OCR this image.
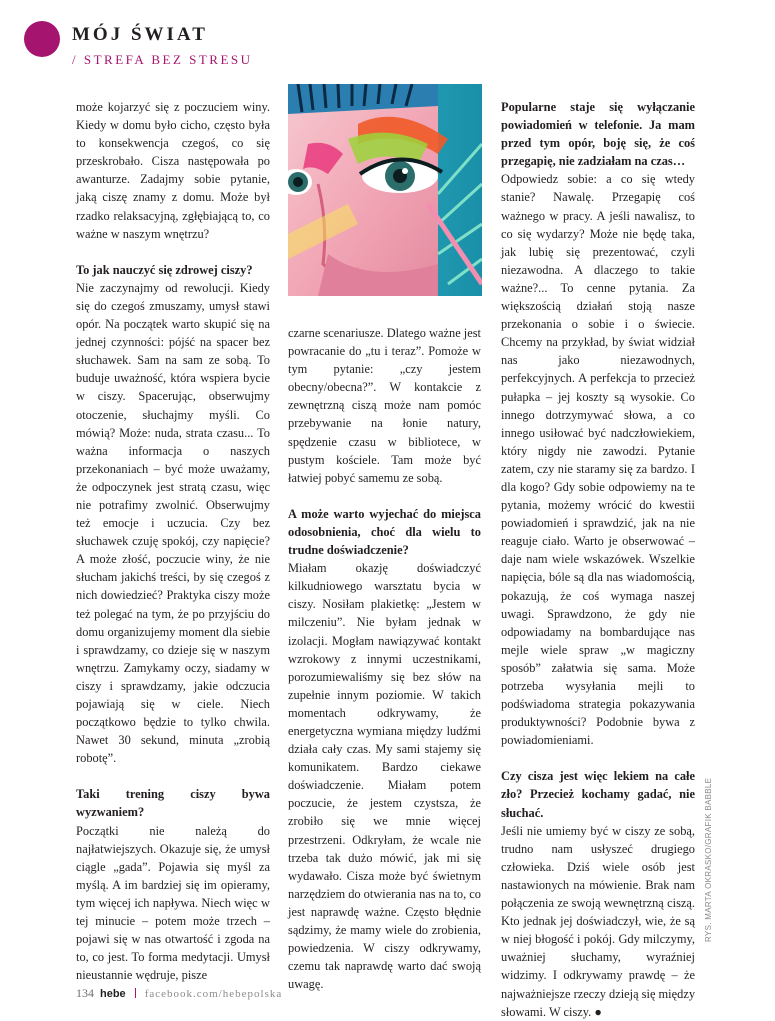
MÓJ ŚWIAT
/ STREFA BEZ STRESU

może kojarzyć się z poczuciem winy. Kiedy w domu było cicho, często była to konsekwencja czegoś, co się przeskrobało. Cisza następowała po awanturze. Zadajmy sobie pytanie, jaką ciszę znamy z domu. Może był rzadko relaksacyjną, zgłębiającą to, co ważne w naszym wnętrzu?

To jak nauczyć się zdrowej ciszy?

Nie zaczynajmy od rewolucji. Kiedy się do czegoś zmuszamy, umysł stawi opór. Na początek warto skupić się na jednej czynności: pójść na spacer bez słuchawek. Sam na sam ze sobą. To buduje uważność, która wspiera bycie w ciszy. Spacerując, obserwujmy otoczenie, słuchajmy myśli. Co mówią? Może: nuda, strata czasu... To ważna informacja o naszych przekonaniach – być może uważamy, że odpoczynek jest stratą czasu, więc nie potrafimy zwolnić. Obserwujmy też emocje i uczucia. Czy bez słuchawek czuję spokój, czy napięcie? A może złość, poczucie winy, że nie słucham jakichś treści, by się czegoś z nich dowiedzieć? Praktyka ciszy może też polegać na tym, że po przyjściu do domu organizujemy moment dla siebie i sprawdzamy, co dzieje się w naszym wnętrzu. Zamykamy oczy, siadamy w ciszy i sprawdzamy, jakie odczucia pojawiają się w ciele. Niech początkowo będzie to tylko chwila. Nawet 30 sekund, minuta „zrobią robotę”.

Taki trening ciszy bywa wyzwaniem?

Początki nie należą do najłatwiejszych. Okazuje się, że umysł ciągle „gada”. Pojawia się myśl za myślą. A im bardziej się im opieramy, tym więcej ich napływa. Niech więc w tej minucie – potem może trzech – pojawi się w nas otwartość i zgoda na to, co jest. To forma medytacji. Umysł nieustannie wędruje, pisze

czarne scenariusze. Dlatego ważne jest powracanie do „tu i teraz”. Pomoże w tym pytanie: „czy jestem obecny/obecna?”. W kontakcie z zewnętrzną ciszą może nam pomóc przebywanie na łonie natury, spędzenie czasu w bibliotece, w pustym kościele. Tam może być łatwiej pobyć samemu ze sobą.

A może warto wyjechać do miejsca odosobnienia, choć dla wielu to trudne doświadczenie?

Miałam okazję doświadczyć kilkudniowego warsztatu bycia w ciszy. Nosiłam plakietkę: „Jestem w milczeniu”. Nie byłam jednak w izolacji. Mogłam nawiązywać kontakt wzrokowy z innymi uczestnikami, porozumiewaliśmy się bez słów na zupełnie innym poziomie. W takich momentach odkrywamy, że energetyczna wymiana między ludźmi działa cały czas. My sami stajemy się komunikatem. Bardzo ciekawe doświadczenie. Miałam potem poczucie, że jestem czystsza, że zrobiło się we mnie więcej przestrzeni. Odkryłam, że wcale nie trzeba tak dużo mówić, jak mi się wydawało. Cisza może być świetnym narzędziem do otwierania nas na to, co jest naprawdę ważne. Często błędnie sądzimy, że mamy wiele do zrobienia, powiedzenia. W ciszy odkrywamy, czemu tak naprawdę warto dać swoją uwagę.

Popularne staje się wyłączanie powiadomień w telefonie. Ja mam przed tym opór, boję się, że coś przegapię, nie zadziałam na czas…

Odpowiedz sobie: a co się wtedy stanie? Nawalę. Przegapię coś ważnego w pracy. A jeśli nawalisz, to co się wydarzy? Może nie będę taka, jak lubię się prezentować, czyli niezawodna. A dlaczego to takie ważne?... To cenne pytania. Za większością działań stoją nasze przekonania o sobie i o świecie. Chcemy na przykład, by świat widział nas jako niezawodnych, perfekcyjnych. A perfekcja to przecież pułapka – jej koszty są wysokie. Co innego dotrzymywać słowa, a co innego usiłować być nadczłowiekiem, który nigdy nie zawodzi. Pytanie zatem, czy nie staramy się za bardzo. I dla kogo? Gdy sobie odpowiemy na te pytania, możemy wrócić do kwestii powiadomień i sprawdzić, jak na nie reaguje ciało. Warto je obserwować – daje nam wiele wskazówek. Wszelkie napięcia, bóle są dla nas wiadomością, pokazują, że coś wymaga naszej uwagi. Sprawdzono, że gdy nie odpowiadamy na bombardujące nas mejle wiele spraw „w magiczny sposób” załatwia się sama. Może potrzeba wysyłania mejli to podświadoma strategia pokazywania produktywności? Podobnie bywa z powiadomieniami.

Czy cisza jest więc lekiem na całe zło? Przecież kochamy gadać, nie słuchać.

Jeśli nie umiemy być w ciszy ze sobą, trudno nam usłyszeć drugiego człowieka. Dziś wiele osób jest nastawionych na mówienie. Brak nam połączenia ze swoją wewnętrzną ciszą. Kto jednak jej doświadczył, wie, że są w niej błogość i pokój. Gdy milczymy, uważniej słuchamy, wyraźniej widzimy. I odkrywamy prawdę – że najważniejsze rzeczy dzieją się między słowami. W ciszy. ●

RYS. MARTA OKRASKO/GRAFIK BABBLE
134 hebe facebook.com/hebepolska
